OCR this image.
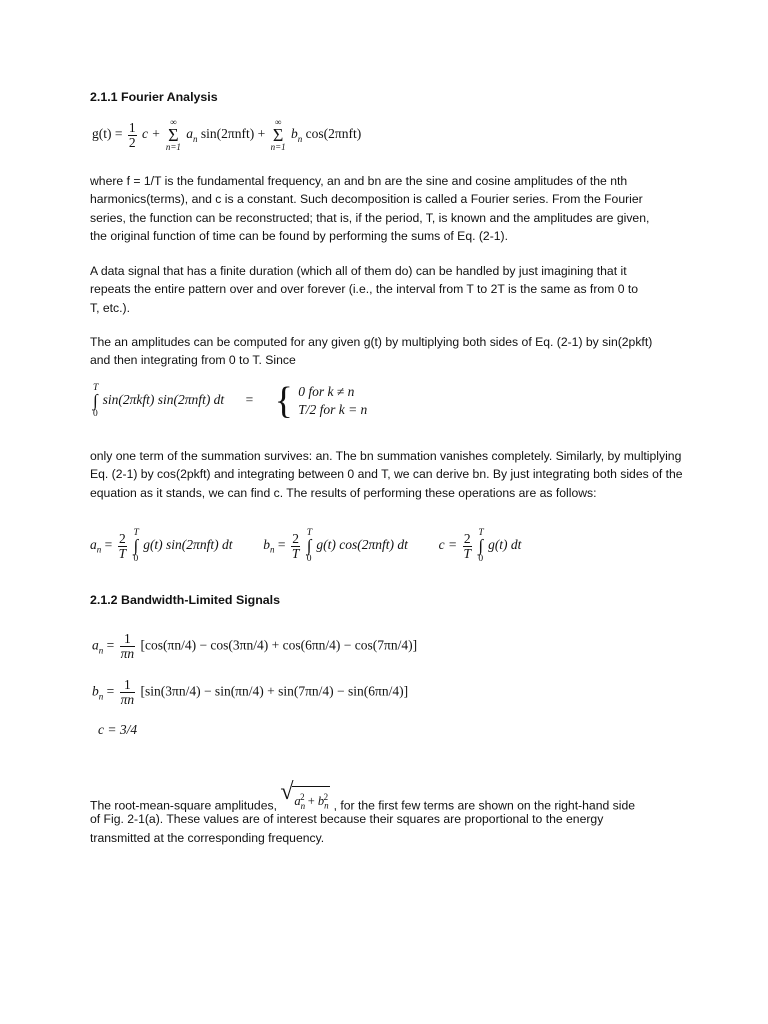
2.1.1 Fourier Analysis
$g(t) = \frac{1}{2}$ c + ∞
Σ
n=1 $a_n$ sin(2πnft) + ∞
Σ
n=1 $b_n$ cos(2πnft)
where f = 1/T is the fundamental frequency, an and bn are the sine and cosine amplitudes of the nth
harmonics(terms), and c is a constant. Such decomposition is called a Fourier series. From the Fourier
series, the function can be reconstructed; that is, if the period, T, is known and the amplitudes are given,
the original function of time can be found by performing the sums of Eq. (2-1).
A data signal that has a finite duration (which all of them do) can be handled by just imagining that it
repeats the entire pattern over and over forever (i.e., the interval from T to 2T is the same as from 0 to
T, etc.).
The an amplitudes can be computed for any given g(t) by multiplying both sides of Eq. (2-1) by sin(2pkft)
and then integrating from 0 to T. Since
T
∫
0 sin(2πkft) sin(2πnft) dt = { 0 for k ≠ n
T/2 for k = n
only one term of the summation survives: an. The bn summation vanishes completely. Similarly, by multiplying
Eq. (2-1) by cos(2pkft) and integrating between 0 and T, we can derive bn. By just integrating both sides of the
equation as it stands, we can find c. The results of performing these operations are as follows:
$a_n = \frac{2}{T}$ T
∫
0 g(t) sin(2πnft) dt $b_n = \frac{2}{T}$ T
∫
0 g(t) cos(2πnft) dt $c = \frac{2}{T}$ T
∫
0 g(t) dt
2.1.2 Bandwidth-Limited Signals
$a_n = \frac{1}{\pi n} [\cos(\pi n/4) - \cos(3\pi n/4) + \cos(6\pi n/4) - \cos(7\pi n/4)]$
$b_n = \frac{1}{\pi n} [\sin(3\pi n/4) - \sin(\pi n/4) + \sin(7\pi n/4) - \sin(6\pi n/4)]$
c = 3/4
The root-mean-square amplitudes,
√ $a_n^2 + b_n^2$ , for the first few terms are shown on the right-hand side
of Fig. 2-1(a). These values are of interest because their squares are proportional to the energy
transmitted at the corresponding frequency.
